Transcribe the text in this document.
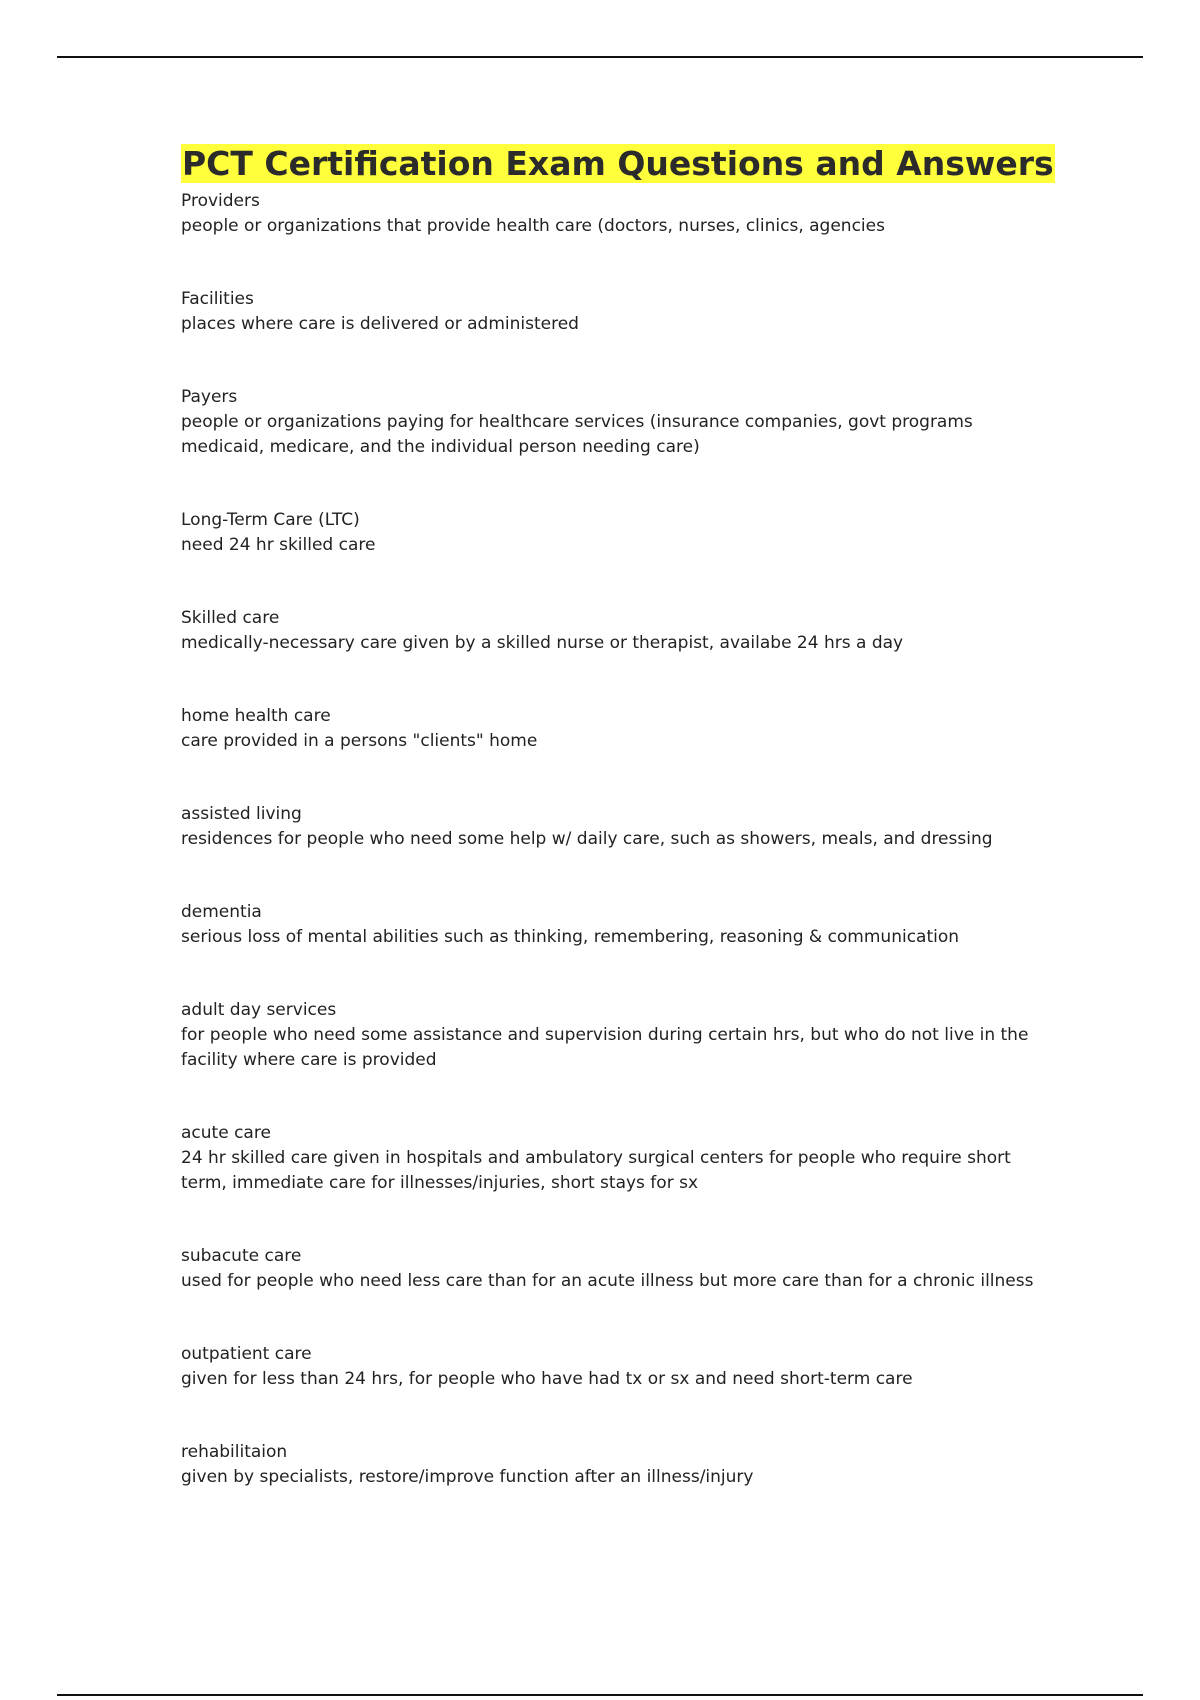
PCT Certification Exam Questions and Answers
Providers
people or organizations that provide health care (doctors, nurses, clinics, agencies
Facilities
places where care is delivered or administered
Payers
people or organizations paying for healthcare services (insurance companies, govt programs medicaid, medicare, and the individual person needing care)
Long-Term Care (LTC)
need 24 hr skilled care
Skilled care
medically-necessary care given by a skilled nurse or therapist, availabe 24 hrs a day
home health care
care provided in a persons "clients" home
assisted living
residences for people who need some help w/ daily care, such as showers, meals, and dressing
dementia
serious loss of mental abilities such as thinking, remembering, reasoning & communication
adult day services
for people who need some assistance and supervision during certain hrs, but who do not live in the facility where care is provided
acute care
24 hr skilled care given in hospitals and ambulatory surgical centers for people who require short term, immediate care for illnesses/injuries, short stays for sx
subacute care
used for people who need less care than for an acute illness but more care than for a chronic illness
outpatient care
given for less than 24 hrs, for people who have had tx or sx and need short-term care
rehabilitaion
given by specialists, restore/improve function after an illness/injury
